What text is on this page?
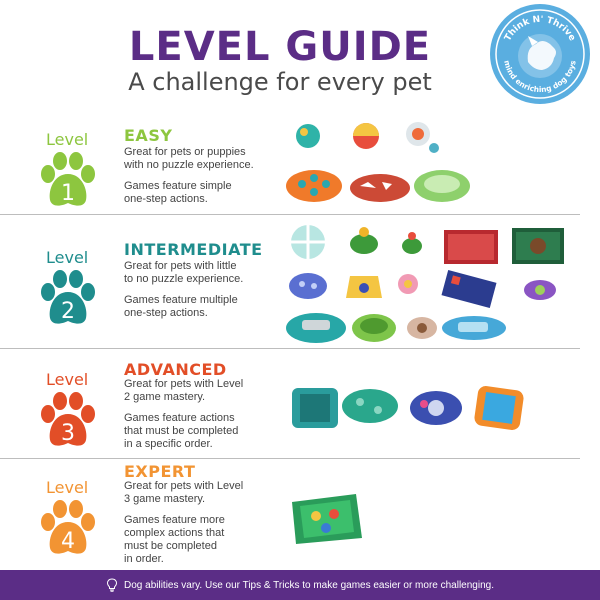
LEVEL GUIDE
A challenge for every pet
Think N' Thrive
mind enriching dog toys
Level
1
EASY
Great for pets or puppies
with no puzzle experience.
Games feature simple
one-step actions.
Level
2
INTERMEDIATE
Great for pets with little
to no puzzle experience.
Games feature multiple
one-step actions.
Level
3
ADVANCED
Great for pets with Level
2 game mastery.
Games feature actions
that must be completed
in a specific order.
Level
4
EXPERT
Great for pets with Level
3 game mastery.
Games feature more
complex actions that
must be completed
in order.
Dog abilities vary. Use our Tips & Tricks to make games easier or more challenging.
